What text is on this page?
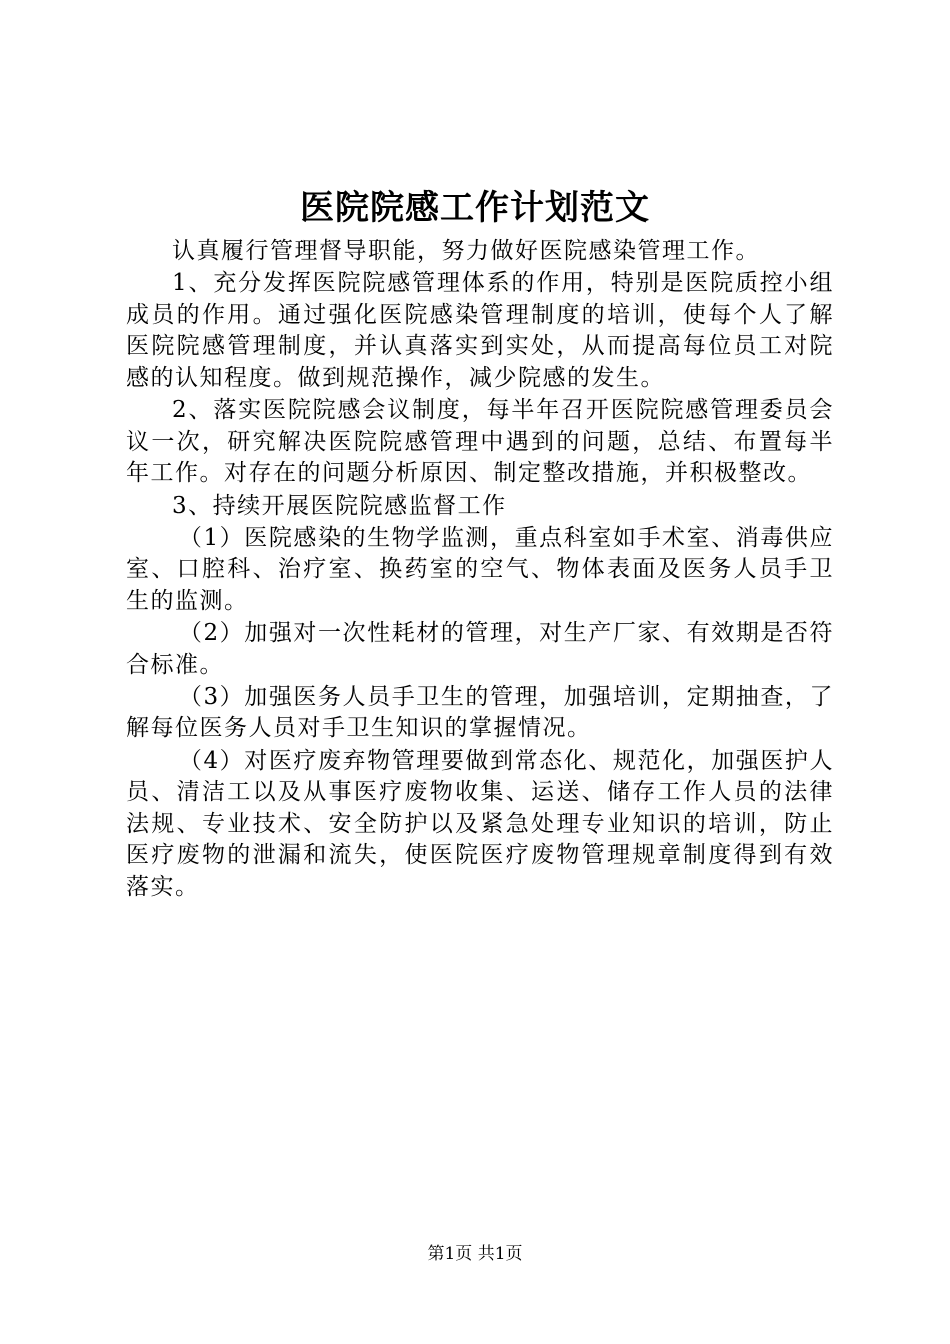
医院院感工作计划范文

认真履行管理督导职能，努力做好医院感染管理工作。

1、充分发挥医院院感管理体系的作用，特别是医院质控小组成员的作用。通过强化医院感染管理制度的培训，使每个人了解医院院感管理制度，并认真落实到实处，从而提高每位员工对院感的认知程度。做到规范操作，减少院感的发生。

2、落实医院院感会议制度，每半年召开医院院感管理委员会议一次，研究解决医院院感管理中遇到的问题，总结、布置每半年工作。对存在的问题分析原因、制定整改措施，并积极整改。

3、持续开展医院院感监督工作

（1）医院感染的生物学监测，重点科室如手术室、消毒供应室、口腔科、治疗室、换药室的空气、物体表面及医务人员手卫生的监测。

（2）加强对一次性耗材的管理，对生产厂家、有效期是否符合标准。

（3）加强医务人员手卫生的管理，加强培训，定期抽查，了解每位医务人员对手卫生知识的掌握情况。

（4）对医疗废弃物管理要做到常态化、规范化，加强医护人员、清洁工以及从事医疗废物收集、运送、储存工作人员的法律法规、专业技术、安全防护以及紧急处理专业知识的培训，防止医疗废物的泄漏和流失，使医院医疗废物管理规章制度得到有效落实。

第1页 共1页
